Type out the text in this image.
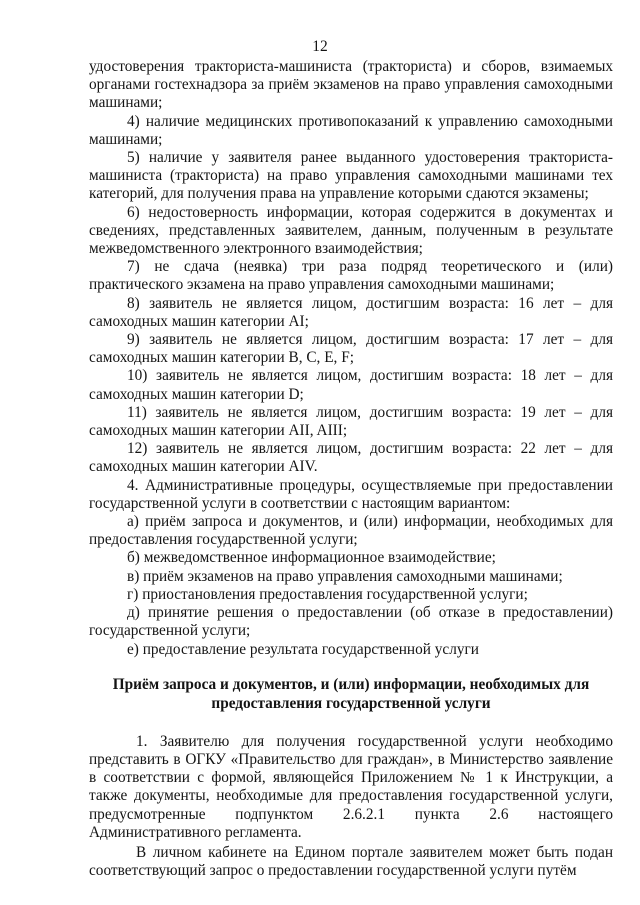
12

удостоверения тракториста-машиниста (тракториста) и сборов, взимаемых органами гостехнадзора за приём экзаменов на право управления самоходными машинами;

4) наличие медицинских противопоказаний к управлению самоходными машинами;

5) наличие у заявителя ранее выданного удостоверения тракториста-машиниста (тракториста) на право управления самоходными машинами тех категорий, для получения права на управление которыми сдаются экзамены;

6) недостоверность информации, которая содержится в документах и сведениях, представленных заявителем, данным, полученным в результате межведомственного электронного взаимодействия;

7) не сдача (неявка) три раза подряд теоретического и (или) практического экзамена на право управления самоходными машинами;

8) заявитель не является лицом, достигшим возраста: 16 лет – для самоходных машин категории AI;

9) заявитель не является лицом, достигшим возраста: 17 лет – для самоходных машин категории B, C, E, F;

10) заявитель не является лицом, достигшим возраста: 18 лет – для самоходных машин категории D;

11) заявитель не является лицом, достигшим возраста: 19 лет – для самоходных машин категории AII, AIII;

12) заявитель не является лицом, достигшим возраста: 22 лет – для самоходных машин категории AIV.

4. Административные процедуры, осуществляемые при предоставлении государственной услуги в соответствии с настоящим вариантом:

а) приём запроса и документов, и (или) информации, необходимых для предоставления государственной услуги;

б) межведомственное информационное взаимодействие;

в) приём экзаменов на право управления самоходными машинами;

г) приостановления предоставления государственной услуги;

д) принятие решения о предоставлении (об отказе в предоставлении) государственной услуги;

е) предоставление результата государственной услуги

Приём запроса и документов, и (или) информации, необходимых для предоставления государственной услуги

1. Заявителю для получения государственной услуги необходимо представить в ОГКУ «Правительство для граждан», в Министерство заявление в соответствии с формой, являющейся Приложением № 1 к Инструкции, а также документы, необходимые для предоставления государственной услуги, предусмотренные подпунктом 2.6.2.1 пункта 2.6 настоящего Административного регламента.

В личном кабинете на Едином портале заявителем может быть подан соответствующий запрос о предоставлении государственной услуги путём
